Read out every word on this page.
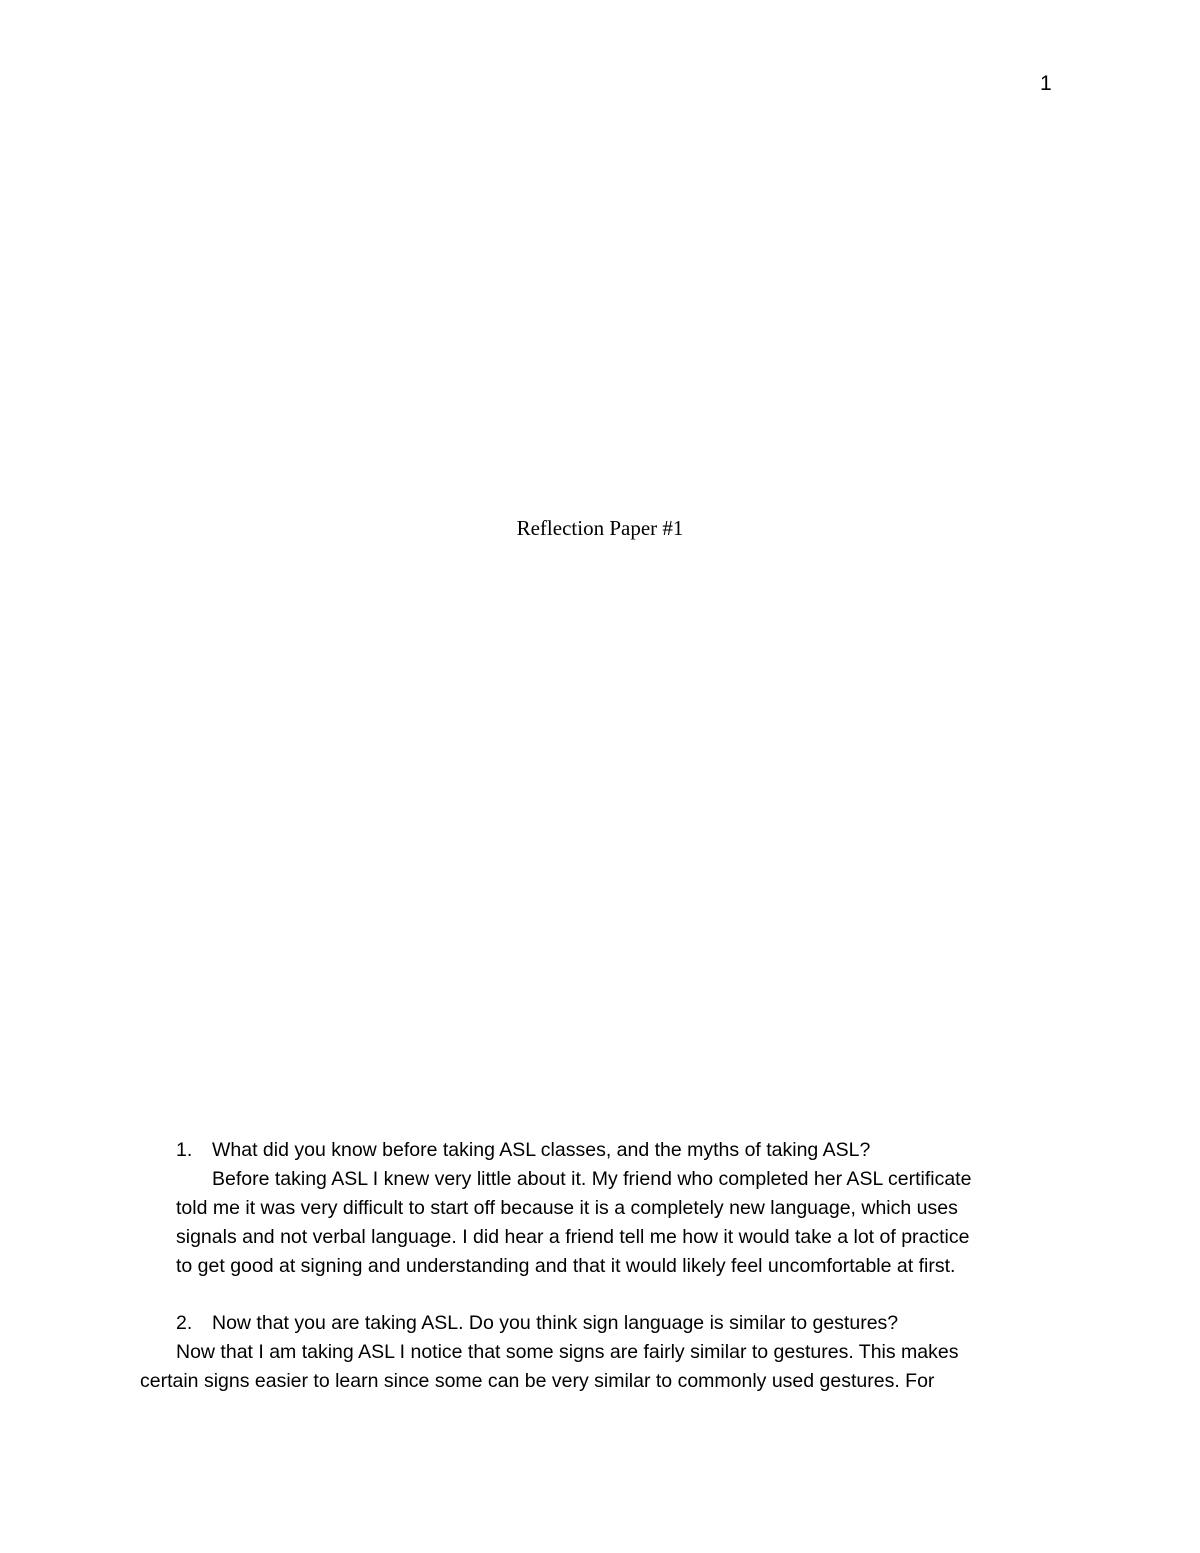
1
Reflection Paper #1
1. What did you know before taking ASL classes, and the myths of taking ASL?
Before taking ASL I knew very little about it. My friend who completed her ASL certificate
told me it was very difficult to start off because it is a completely new language, which uses
signals and not verbal language. I did hear a friend tell me how it would take a lot of practice
to get good at signing and understanding and that it would likely feel uncomfortable at first.
2. Now that you are taking ASL. Do you think sign language is similar to gestures?
Now that I am taking ASL I notice that some signs are fairly similar to gestures. This makes
certain signs easier to learn since some can be very similar to commonly used gestures. For
